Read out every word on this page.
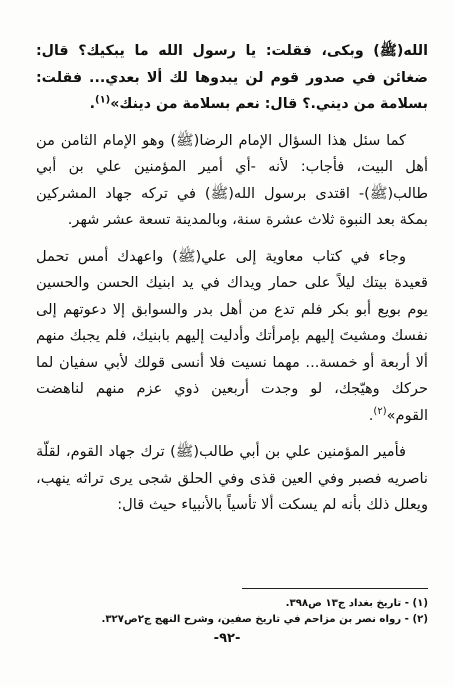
الله(ﷺ) وبكى، فقلت: يا رسول الله ما يبكيك؟ قال: ضغائن في صدور قوم لن يبدوها لك ألا بعدي... فقلت: بسلامة من ديني.؟ قال: نعم بسلامة من دينك»$^{(١)}$.

كما سئل هذا السؤال الإمام الرضا(ﷺ) وهو الإمام الثامن من أهل البيت، فأجاب: لأنه -أي أمير المؤمنين علي بن أبي طالب(ﷺ)- اقتدى برسول الله(ﷺ) في تركه جهاد المشركين بمكة بعد النبوة ثلاث عشرة سنة، وبالمدينة تسعة عشر شهر.

وجاء في كتاب معاوية إلى علي(ﷺ) واعهدك أمس تحمل قعيدة بيتك ليلاً على حمار ويداك في يد ابنيك الحسن والحسين يوم بويع أبو بكر فلم تدع من أهل بدر والسوابق إلا دعوتهم إلى نفسك ومشيتَ إليهم بإمرأتك وأدليت إليهم بابنيك، فلم يجبك منهم ألا أربعة أو خمسة... مهما نسيت فلا أنسى قولك لأبي سفيان لما حركك وهيّجك، لو وجدت أربعين ذوي عزم منهم لناهضت القوم»$^{(٢)}$.

فأمير المؤمنين علي بن أبي طالب(ﷺ) ترك جهاد القوم، لقلّة ناصريه فصبر وفي العين قذى وفي الحلق شجى يرى تراثه ينهب، ويعلل ذلك بأنه لم يسكت ألا تأسياً بالأنبياء حيث قال:

(١) - تاريخ بغداد ج١٣ ص٣٩٨.
(٢) - رواه نصر بن مزاحم في تاريخ صفين، وشرح النهج ج٢ص٣٢٧.
-٩٢-
